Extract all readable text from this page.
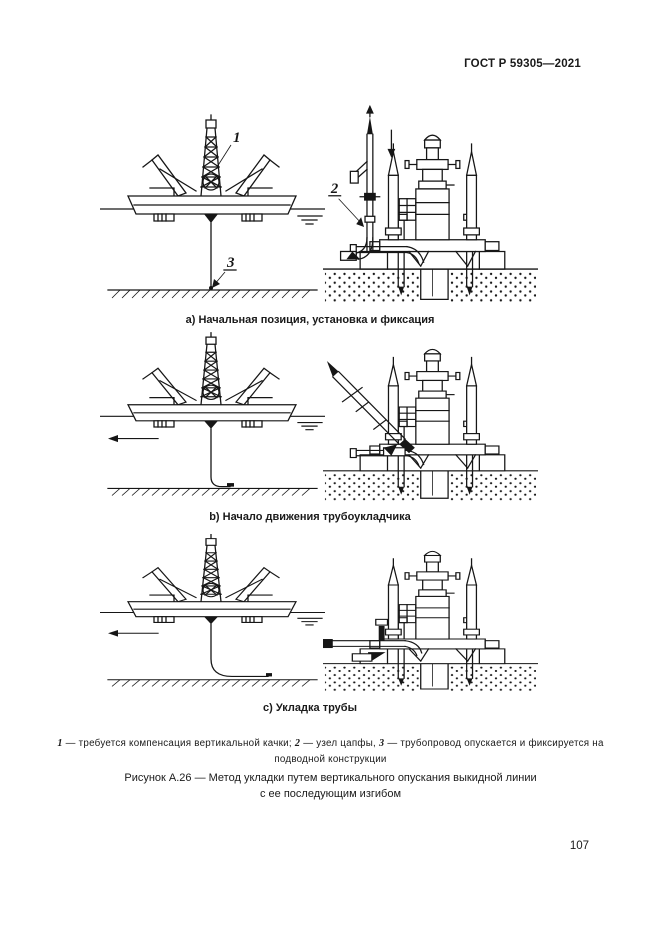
ГОСТ Р 59305—2021
1
3
2
a) Начальная позиция, установка и фиксация
b) Начало движения трубоукладчика
c) Укладка трубы
1 — требуется компенсация вертикальной качки; 2 — узел цапфы, 3 — трубопровод опускается и фиксируется на подводной конструкции
Рисунок А.26 — Метод укладки путем вертикального опускания выкидной линии
с ее последующим изгибом
107
